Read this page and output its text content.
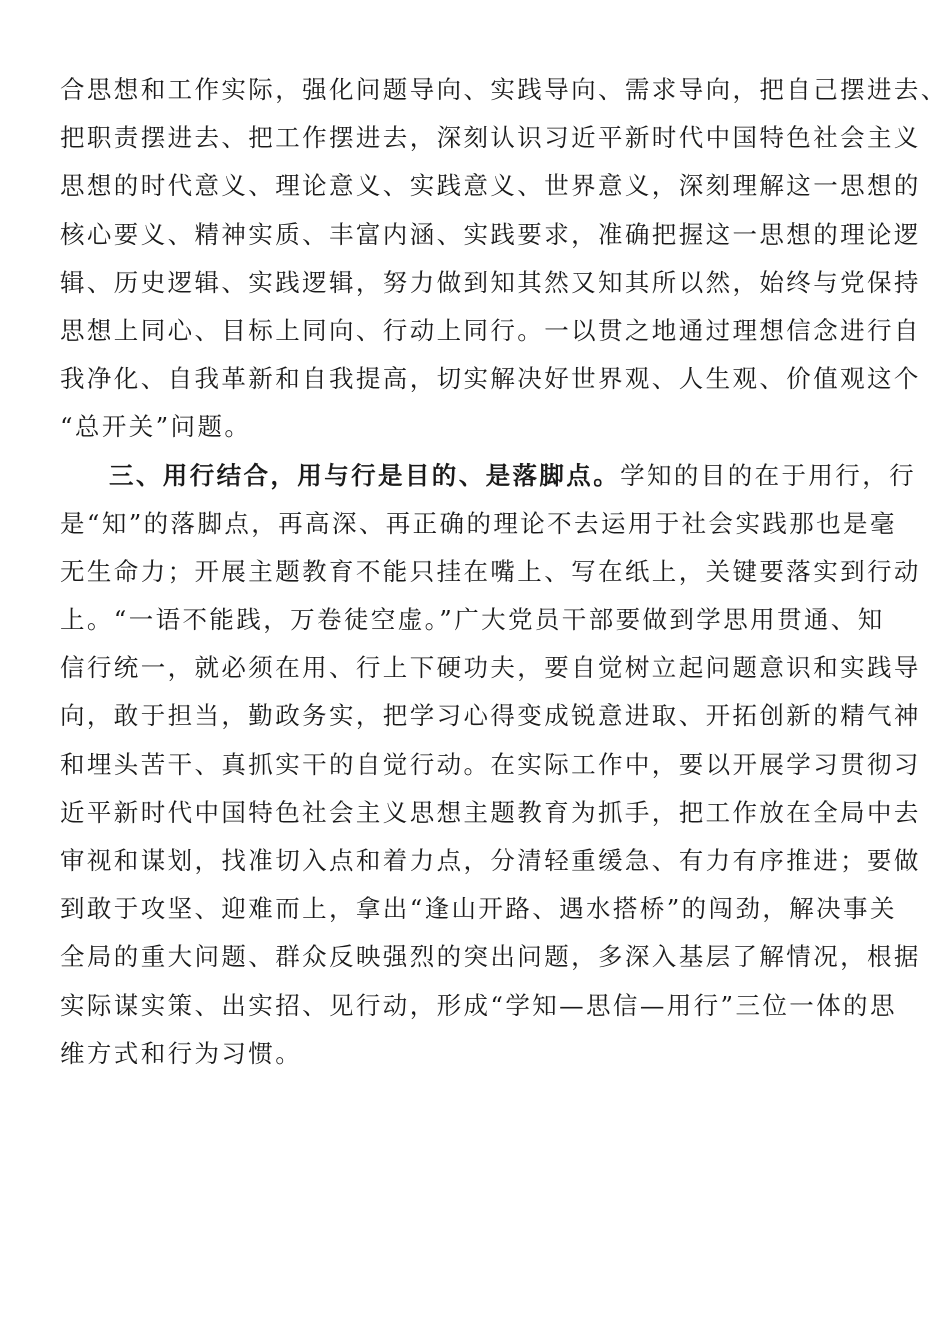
合思想和工作实际，强化问题导向、实践导向、需求导向，把自己摆进去、
把职责摆进去、把工作摆进去，深刻认识习近平新时代中国特色社会主义
思想的时代意义、理论意义、实践意义、世界意义，深刻理解这一思想的
核心要义、精神实质、丰富内涵、实践要求，准确把握这一思想的理论逻
辑、历史逻辑、实践逻辑，努力做到知其然又知其所以然，始终与党保持
思想上同心、目标上同向、行动上同行。一以贯之地通过理想信念进行自
我净化、自我革新和自我提高，切实解决好世界观、人生观、价值观这个
“总开关”问题。
三、用行结合，用与行是目的、是落脚点。学知的目的在于用行，行
是“知”的落脚点，再高深、再正确的理论不去运用于社会实践那也是毫
无生命力；开展主题教育不能只挂在嘴上、写在纸上，关键要落实到行动
上。“一语不能践，万卷徒空虚。”广大党员干部要做到学思用贯通、知
信行统一，就必须在用、行上下硬功夫，要自觉树立起问题意识和实践导
向，敢于担当，勤政务实，把学习心得变成锐意进取、开拓创新的精气神
和埋头苦干、真抓实干的自觉行动。在实际工作中，要以开展学习贯彻习
近平新时代中国特色社会主义思想主题教育为抓手，把工作放在全局中去
审视和谋划，找准切入点和着力点，分清轻重缓急、有力有序推进；要做
到敢于攻坚、迎难而上，拿出“逢山开路、遇水搭桥”的闯劲，解决事关
全局的重大问题、群众反映强烈的突出问题，多深入基层了解情况，根据
实际谋实策、出实招、见行动，形成“学知—思信—用行”三位一体的思
维方式和行为习惯。
